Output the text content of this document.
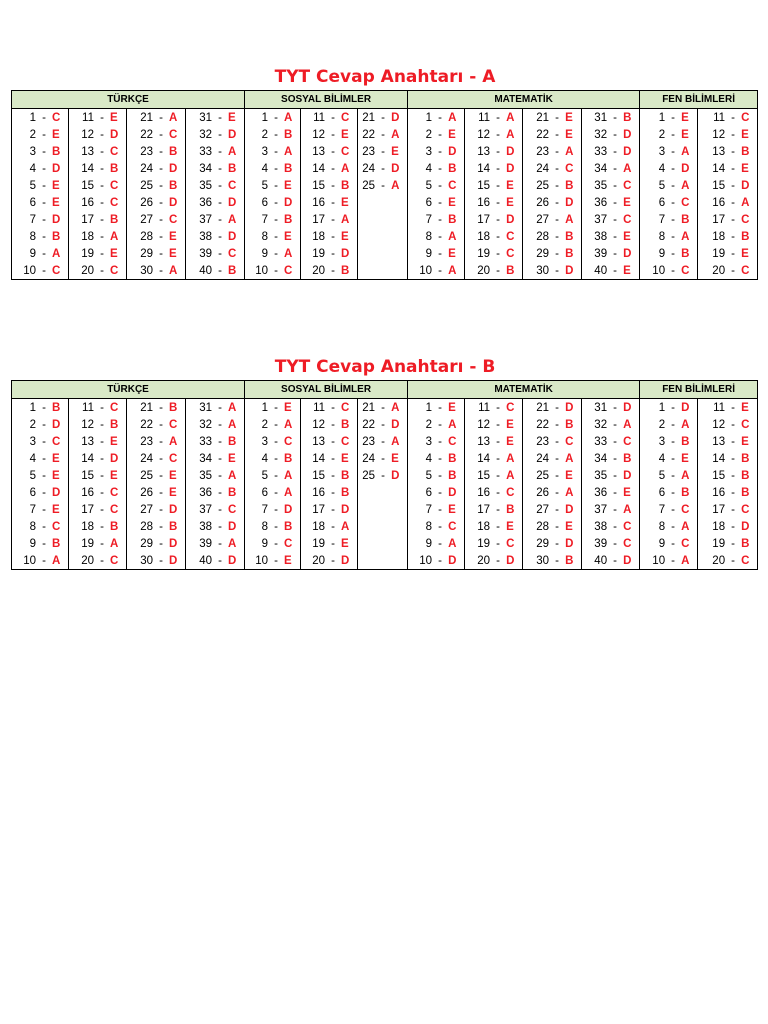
TYT Cevap Anahtarı - A
TÜRKÇE				SOSYAL BİLİMLER			MATEMATİK				FEN BİLİMLERİ	

1 - C	11 - E	21 - A	31 - E	1 - A	11 - C	21 - D	1 - A	11 - A	21 - E	31 - B	1 - E	11 - C

2 - E	12 - D	22 - C	32 - D	2 - B	12 - E	22 - A	2 - E	12 - A	22 - E	32 - D	2 - E	12 - E

3 - B	13 - C	23 - B	33 - A	3 - A	13 - C	23 - E	3 - D	13 - D	23 - A	33 - D	3 - A	13 - B

4 - D	14 - B	24 - D	34 - B	4 - B	14 - A	24 - D	4 - B	14 - D	24 - C	34 - A	4 - D	14 - E

5 - E	15 - C	25 - B	35 - C	5 - E	15 - B	25 - A	5 - C	15 - E	25 - B	35 - C	5 - A	15 - D

6 - E	16 - C	26 - D	36 - D	6 - D	16 - E		6 - E	16 - E	26 - D	36 - E	6 - C	16 - A

7 - D	17 - B	27 - C	37 - A	7 - B	17 - A		7 - B	17 - D	27 - A	37 - C	7 - B	17 - C

8 - B	18 - A	28 - E	38 - D	8 - E	18 - E		8 - A	18 - C	28 - B	38 - E	8 - A	18 - B

9 - A	19 - E	29 - E	39 - C	9 - A	19 - D		9 - E	19 - C	29 - B	39 - D	9 - B	19 - E

10 - C	20 - C	30 - A	40 - B	10 - C	20 - B		10 - A	20 - B	30 - D	40 - E	10 - C	20 - C
TYT Cevap Anahtarı - B
TÜRKÇE				SOSYAL BİLİMLER			MATEMATİK				FEN BİLİMLERİ	

1 - B	11 - C	21 - B	31 - A	1 - E	11 - C	21 - A	1 - E	11 - C	21 - D	31 - D	1 - D	11 - E

2 - D	12 - B	22 - C	32 - A	2 - A	12 - B	22 - D	2 - A	12 - E	22 - B	32 - A	2 - A	12 - C

3 - C	13 - E	23 - A	33 - B	3 - C	13 - C	23 - A	3 - C	13 - E	23 - C	33 - C	3 - B	13 - E

4 - E	14 - D	24 - C	34 - E	4 - B	14 - E	24 - E	4 - B	14 - A	24 - A	34 - B	4 - E	14 - B

5 - E	15 - E	25 - E	35 - A	5 - A	15 - B	25 - D	5 - B	15 - A	25 - E	35 - D	5 - A	15 - B

6 - D	16 - C	26 - E	36 - B	6 - A	16 - B		6 - D	16 - C	26 - A	36 - E	6 - B	16 - B

7 - E	17 - C	27 - D	37 - C	7 - D	17 - D		7 - E	17 - B	27 - D	37 - A	7 - C	17 - C

8 - C	18 - B	28 - B	38 - D	8 - B	18 - A		8 - C	18 - E	28 - E	38 - C	8 - A	18 - D

9 - B	19 - A	29 - D	39 - A	9 - C	19 - E		9 - A	19 - C	29 - D	39 - C	9 - C	19 - B

10 - A	20 - C	30 - D	40 - D	10 - E	20 - D		10 - D	20 - D	30 - B	40 - D	10 - A	20 - C
